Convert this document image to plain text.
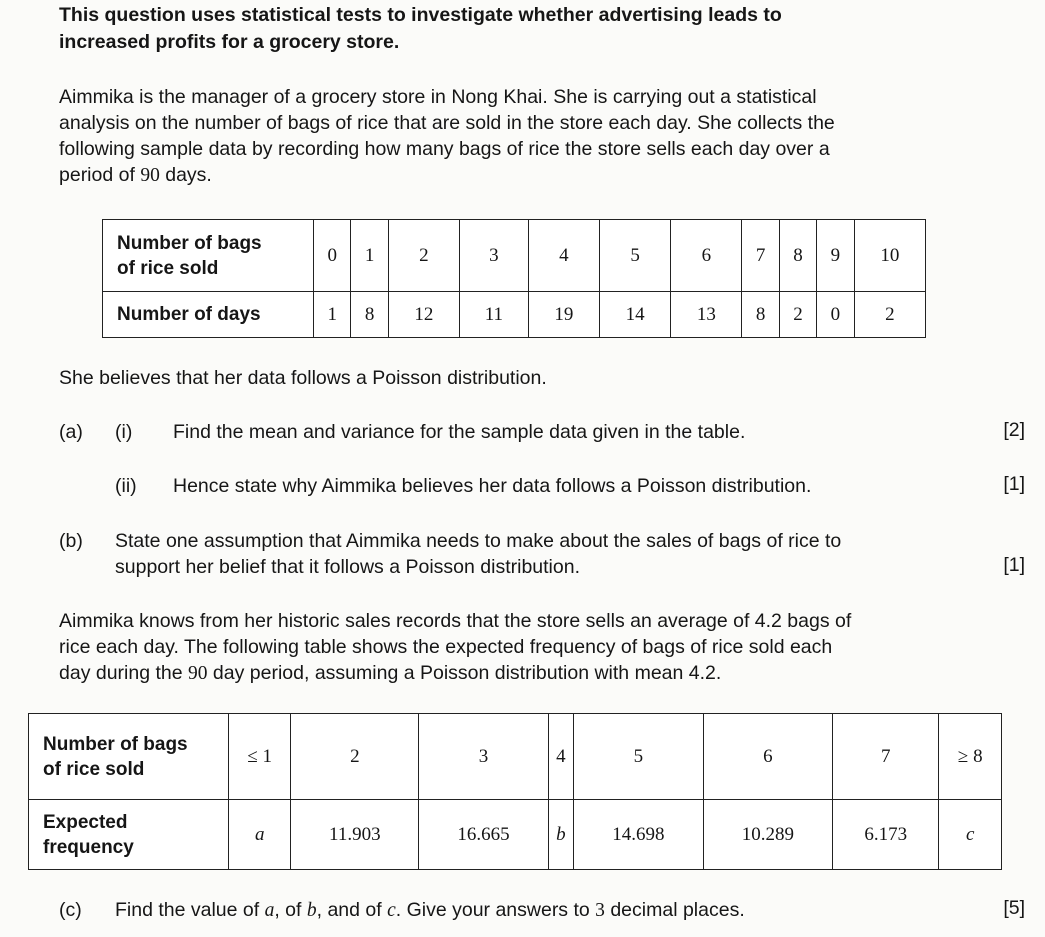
This question uses statistical tests to investigate whether advertising leads to
increased profits for a grocery store.
Aimmika is the manager of a grocery store in Nong Khai. She is carrying out a statistical
analysis on the number of bags of rice that are sold in the store each day. She collects the
following sample data by recording how many bags of rice the store sells each day over a
period of 90 days.
Number of bags
of rice sold	0	1	2	3	4	5	6	7	8	9	10
Number of days	1	8	12	11	19	14	13	8	2	0	2
She believes that her data follows a Poisson distribution.
(a) (i) Find the mean and variance for the sample data given in the table.	[2]
(ii) Hence state why Aimmika believes her data follows a Poisson distribution.	[1]
(b) State one assumption that Aimmika needs to make about the sales of bags of rice to
support her belief that it follows a Poisson distribution.	[1]
Aimmika knows from her historic sales records that the store sells an average of 4.2 bags of
rice each day. The following table shows the expected frequency of bags of rice sold each
day during the 90 day period, assuming a Poisson distribution with mean 4.2.
Number of bags
of rice sold	≤ 1	2	3	4	5	6	7	≥ 8

Expected
frequency	a	11.903	16.665	b	14.698	10.289	6.173	c
(c) Find the value of a, of b, and of c. Give your answers to 3 decimal places.	[5]
